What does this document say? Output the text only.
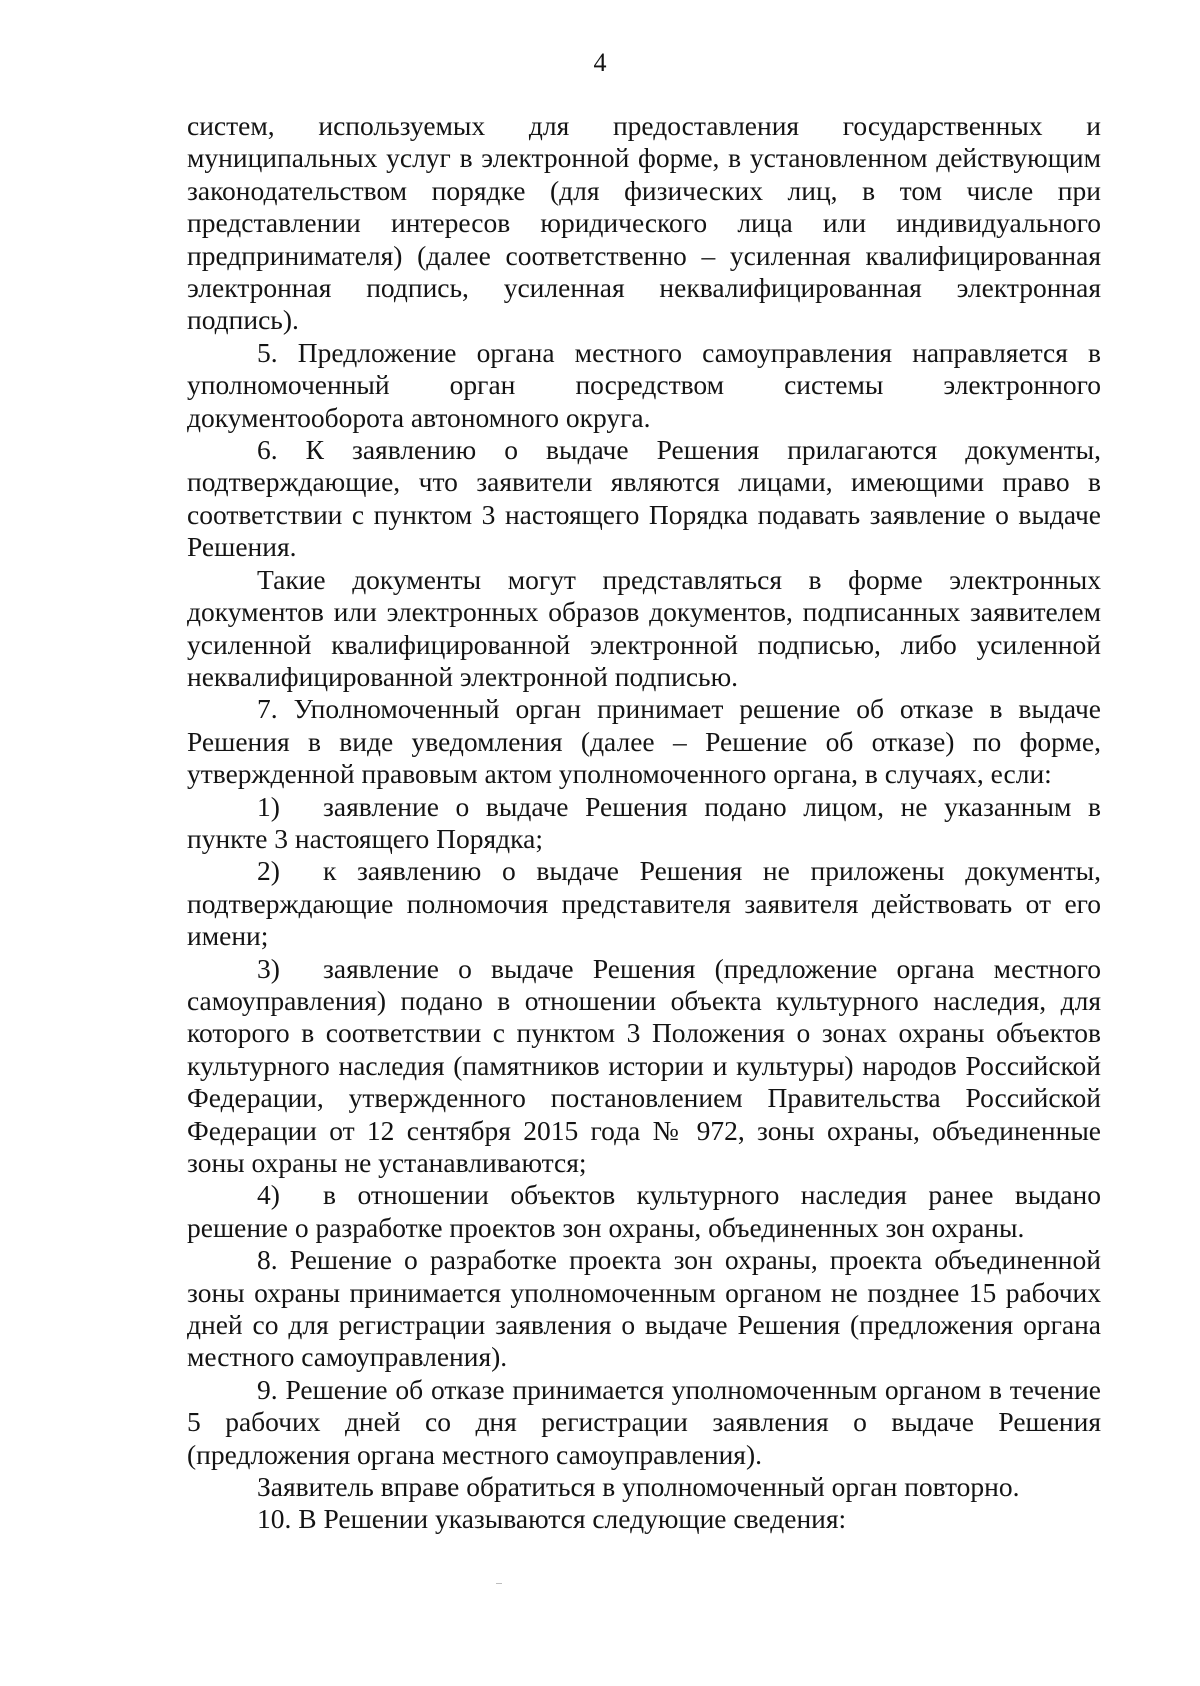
4

систем, используемых для предоставления государственных и муниципальных услуг в электронной форме, в установленном действующим законодательством порядке (для физических лиц, в том числе при представлении интересов юридического лица или индивидуального предпринимателя) (далее соответственно – усиленная квалифицированная электронная подпись, усиленная неквалифицированная электронная подпись).

5. Предложение органа местного самоуправления направляется в уполномоченный орган посредством системы электронного документооборота автономного округа.

6. К заявлению о выдаче Решения прилагаются документы, подтверждающие, что заявители являются лицами, имеющими право в соответствии с пунктом 3 настоящего Порядка подавать заявление о выдаче Решения.

Такие документы могут представляться в форме электронных документов или электронных образов документов, подписанных заявителем усиленной квалифицированной электронной подписью, либо усиленной неквалифицированной электронной подписью.

7. Уполномоченный орган принимает решение об отказе в выдаче Решения в виде уведомления (далее – Решение об отказе) по форме, утвержденной правовым актом уполномоченного органа, в случаях, если:

1) заявление о выдаче Решения подано лицом, не указанным в пункте 3 настоящего Порядка;

2) к заявлению о выдаче Решения не приложены документы, подтверждающие полномочия представителя заявителя действовать от его имени;

3) заявление о выдаче Решения (предложение органа местного самоуправления) подано в отношении объекта культурного наследия, для которого в соответствии с пунктом 3 Положения о зонах охраны объектов культурного наследия (памятников истории и культуры) народов Российской Федерации, утвержденного постановлением Правительства Российской Федерации от 12 сентября 2015 года № 972, зоны охраны, объединенные зоны охраны не устанавливаются;

4) в отношении объектов культурного наследия ранее выдано решение о разработке проектов зон охраны, объединенных зон охраны.

8. Решение о разработке проекта зон охраны, проекта объединенной зоны охраны принимается уполномоченным органом не позднее 15 рабочих дней со для регистрации заявления о выдаче Решения (предложения органа местного самоуправления).

9. Решение об отказе принимается уполномоченным органом в течение 5 рабочих дней со дня регистрации заявления о выдаче Решения (предложения органа местного самоуправления).

Заявитель вправе обратиться в уполномоченный орган повторно.

10. В Решении указываются следующие сведения:
